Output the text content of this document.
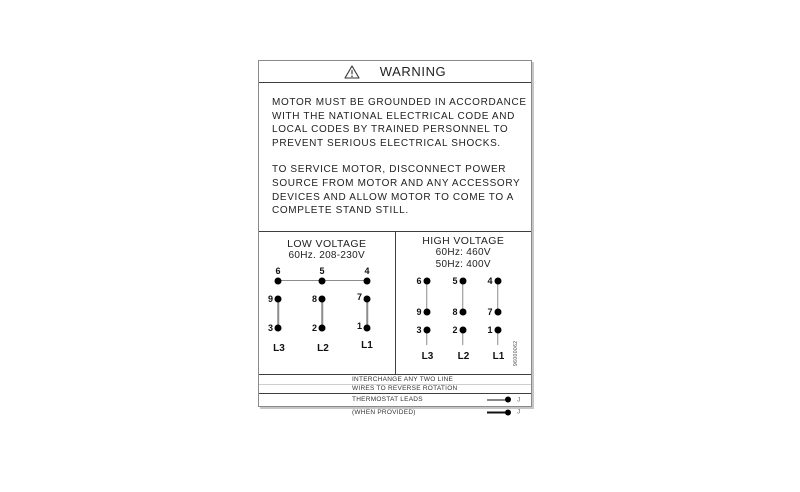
WARNING

MOTOR MUST BE GROUNDED IN ACCORDANCE
WITH THE NATIONAL ELECTRICAL CODE AND
LOCAL CODES BY TRAINED PERSONNEL TO
PREVENT SERIOUS ELECTRICAL SHOCKS.

TO SERVICE MOTOR, DISCONNECT POWER
SOURCE FROM MOTOR AND ANY ACCESSORY
DEVICES AND ALLOW MOTOR TO COME TO A
COMPLETE STAND STILL.

LOW VOLTAGE
60Hz. 208-230V
6	5	4
9	8	7
3	2	1
L3	L2	L1
HIGH VOLTAGE
60Hz: 460V
50Hz: 400V
6	5	4
9	8	7
3	2	1
L3 L2 L1 96000062
INTERCHANGE ANY TWO LINE
WIRES TO REVERSE ROTATION
THERMOSTAT LEADS	J
(WHEN PROVIDED)	J
